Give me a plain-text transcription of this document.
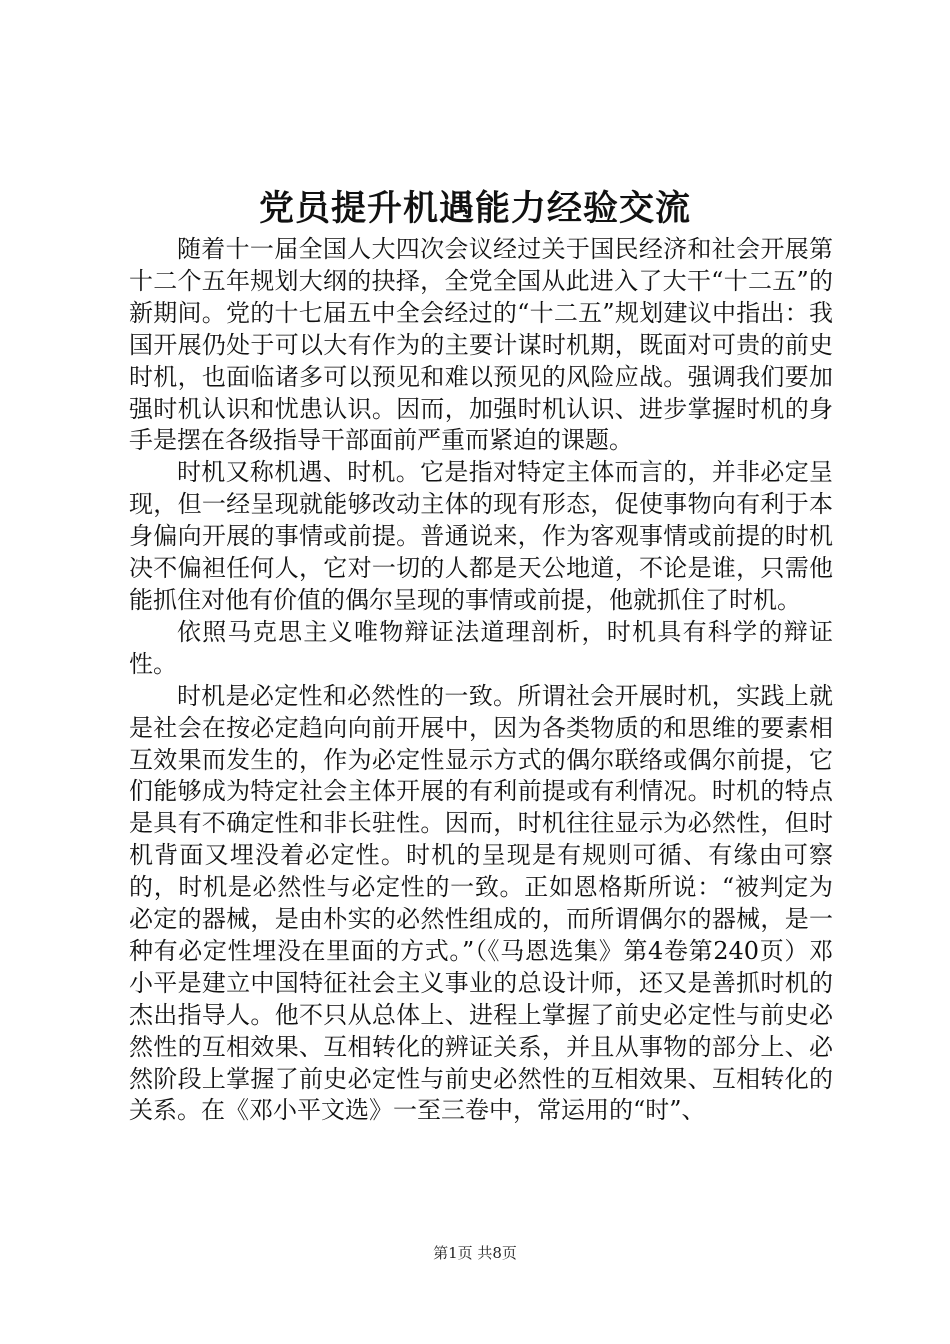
党员提升机遇能力经验交流

随着十一届全国人大四次会议经过关于国民经济和社会开展第十二个五年规划大纲的抉择，全党全国从此进入了大干“十二五”的新期间。党的十七届五中全会经过的“十二五”规划建议中指出：我国开展仍处于可以大有作为的主要计谋时机期，既面对可贵的前史时机，也面临诸多可以预见和难以预见的风险应战。强调我们要加强时机认识和忧患认识。因而，加强时机认识、进步掌握时机的身手是摆在各级指导干部面前严重而紧迫的课题。

时机又称机遇、时机。它是指对特定主体而言的，并非必定呈现，但一经呈现就能够改动主体的现有形态，促使事物向有利于本身偏向开展的事情或前提。普通说来，作为客观事情或前提的时机决不偏袒任何人，它对一切的人都是天公地道，不论是谁，只需他能抓住对他有价值的偶尔呈现的事情或前提，他就抓住了时机。

依照马克思主义唯物辩证法道理剖析，时机具有科学的辩证性。

时机是必定性和必然性的一致。所谓社会开展时机，实践上就是社会在按必定趋向向前开展中，因为各类物质的和思维的要素相互效果而发生的，作为必定性显示方式的偶尔联络或偶尔前提，它们能够成为特定社会主体开展的有利前提或有利情况。时机的特点是具有不确定性和非长驻性。因而，时机往往显示为必然性，但时机背面又埋没着必定性。时机的呈现是有规则可循、有缘由可察的，时机是必然性与必定性的一致。正如恩格斯所说：“被判定为必定的器械，是由朴实的必然性组成的，而所谓偶尔的器械，是一种有必定性埋没在里面的方式。”（《马恩选集》第4卷第240页）邓小平是建立中国特征社会主义事业的总设计师，还又是善抓时机的杰出指导人。他不只从总体上、进程上掌握了前史必定性与前史必然性的互相效果、互相转化的辨证关系，并且从事物的部分上、必然阶段上掌握了前史必定性与前史必然性的互相效果、互相转化的关系。在《邓小平文选》一至三卷中，常运用的“时”、

第1页 共8页
